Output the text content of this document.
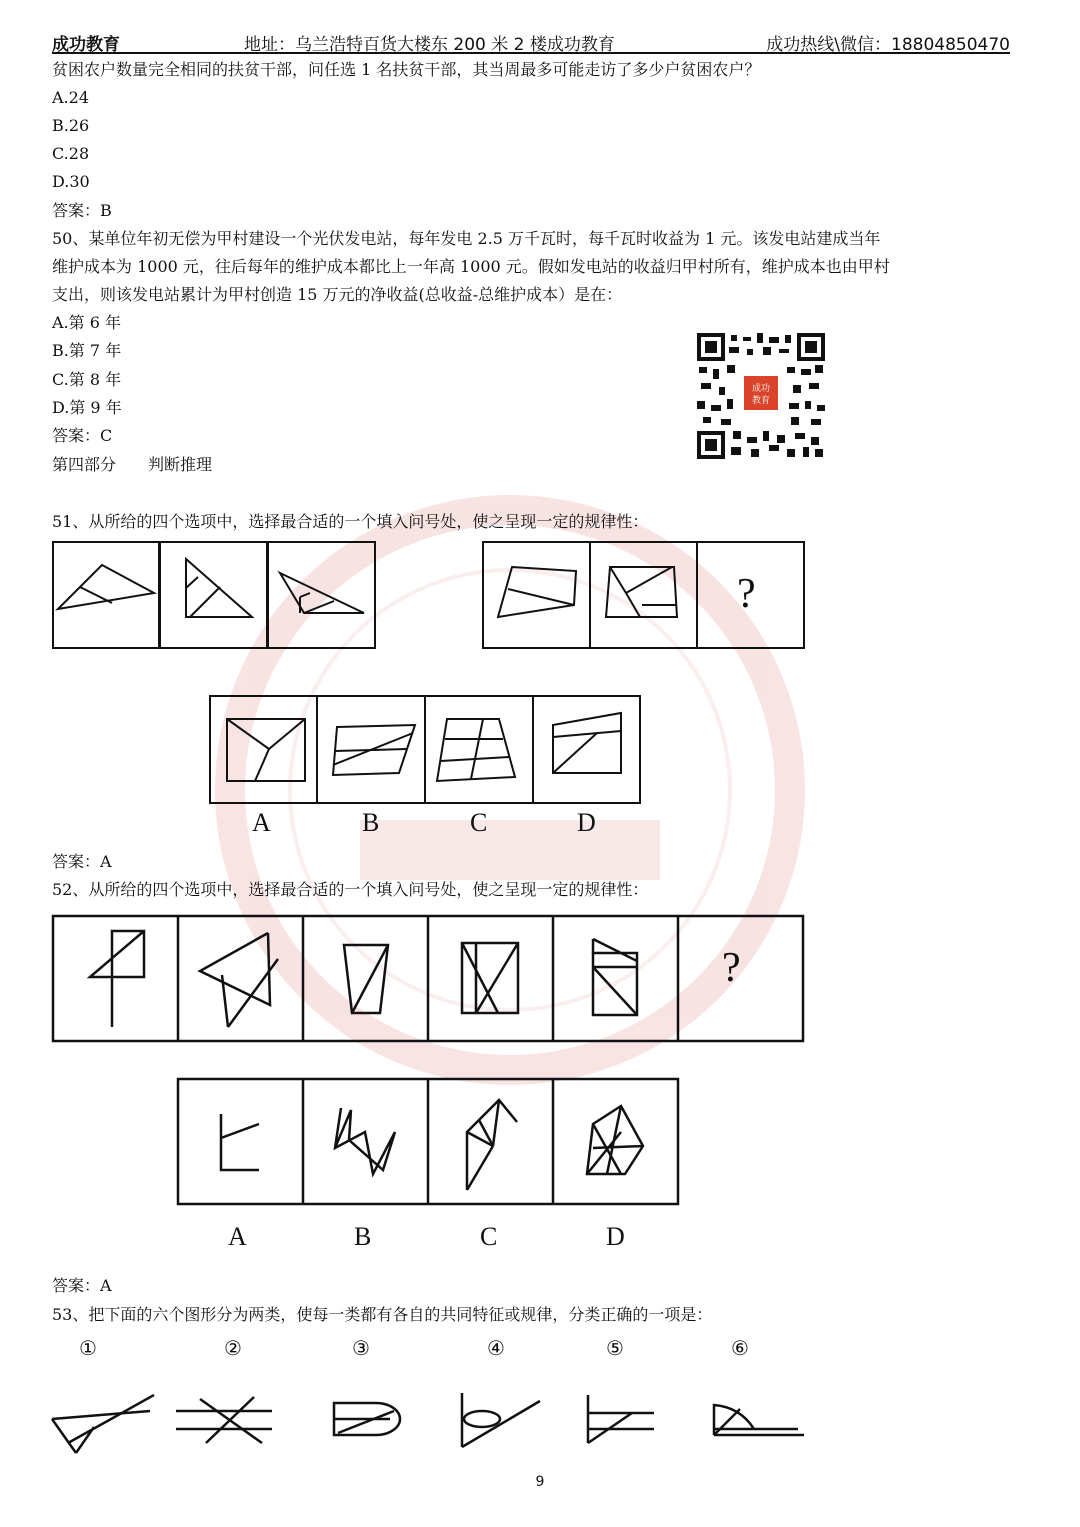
成功教育	地址：乌兰浩特百货大楼东 200 米 2 楼成功教育	成功热线\微信：18804850470
贫困农户数量完全相同的扶贫干部，问任选 1 名扶贫干部，其当周最多可能走访了多少户贫困农户？
A.24
B.26
C.28
D.30
答案：B
50、某单位年初无偿为甲村建设一个光伏发电站，每年发电 2.5 万千瓦时，每千瓦时收益为 1 元。该发电站建成当年
维护成本为 1000 元，往后每年的维护成本都比上一年高 1000 元。假如发电站的收益归甲村所有，维护成本也由甲村
支出，则该发电站累计为甲村创造 15 万元的净收益(总收益-总维护成本）是在：
A.第 6 年
B.第 7 年
C.第 8 年
D.第 9 年
答案：C
第四部分　　判断推理
成功
教育
51、从所给的四个选项中，选择最合适的一个填入问号处，使之呈现一定的规律性：
?
A	B	C	D
答案：A
52、从所给的四个选项中，选择最合适的一个填入问号处，使之呈现一定的规律性：
?
A	B	C	D
答案：A
53、把下面的六个图形分为两类，使每一类都有各自的共同特征或规律，分类正确的一项是：
①	②	③	④	⑤	⑥
9
